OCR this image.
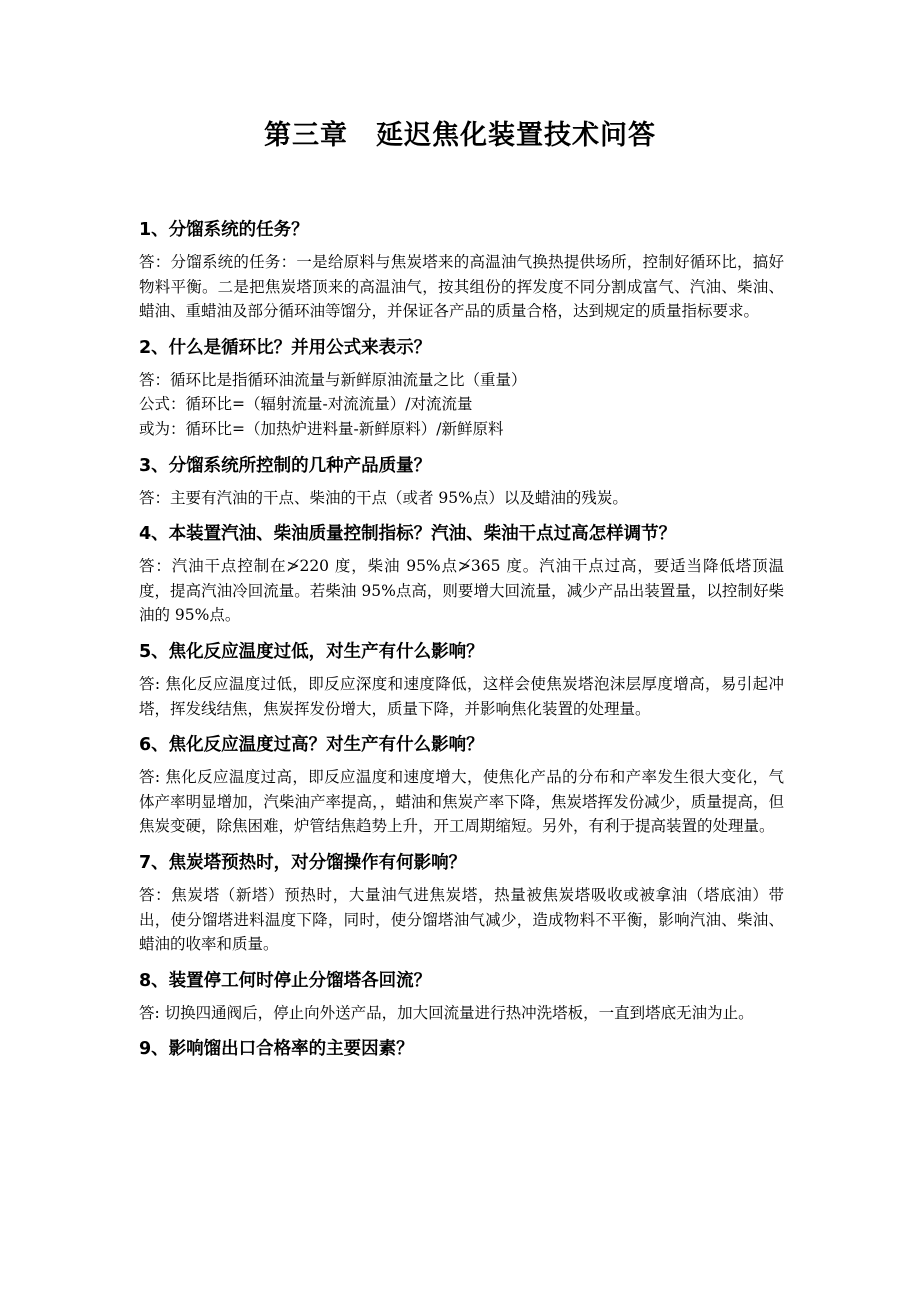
第三章　延迟焦化装置技术问答
1、分馏系统的任务？
答：分馏系统的任务：一是给原料与焦炭塔来的高温油气换热提供场所，控制好循环比，搞好物料平衡。二是把焦炭塔顶来的高温油气，按其组份的挥发度不同分割成富气、汽油、柴油、蜡油、重蜡油及部分循环油等馏分，并保证各产品的质量合格，达到规定的质量指标要求。
2、什么是循环比？并用公式来表示？
答：循环比是指循环油流量与新鲜原油流量之比（重量）
公式：循环比=（辐射流量-对流流量）/对流流量
或为：循环比=（加热炉进料量-新鲜原料）/新鲜原料
3、分馏系统所控制的几种产品质量？
答：主要有汽油的干点、柴油的干点（或者 95%点）以及蜡油的残炭。
4、本装置汽油、柴油质量控制指标？汽油、柴油干点过高怎样调节？
答：汽油干点控制在≯220 度，柴油 95%点≯365 度。汽油干点过高，要适当降低塔顶温度，提高汽油冷回流量。若柴油 95%点高，则要增大回流量，减少产品出装置量，以控制好柴油的 95%点。
5、焦化反应温度过低，对生产有什么影响？
答: 焦化反应温度过低，即反应深度和速度降低，这样会使焦炭塔泡沫层厚度增高，易引起冲塔，挥发线结焦，焦炭挥发份增大，质量下降，并影响焦化装置的处理量。
6、焦化反应温度过高？对生产有什么影响？
答: 焦化反应温度过高，即反应温度和速度增大，使焦化产品的分布和产率发生很大变化，气体产率明显增加，汽柴油产率提高，，蜡油和焦炭产率下降，焦炭塔挥发份减少，质量提高，但焦炭变硬，除焦困难，炉管结焦趋势上升，开工周期缩短。另外，有利于提高装置的处理量。
7、焦炭塔预热时，对分馏操作有何影响？
答：焦炭塔（新塔）预热时，大量油气进焦炭塔，热量被焦炭塔吸收或被拿油（塔底油）带出，使分馏塔进料温度下降，同时，使分馏塔油气减少，造成物料不平衡，影响汽油、柴油、蜡油的收率和质量。
8、装置停工何时停止分馏塔各回流？
答: 切换四通阀后，停止向外送产品，加大回流量进行热冲洗塔板，一直到塔底无油为止。
9、影响馏出口合格率的主要因素？
